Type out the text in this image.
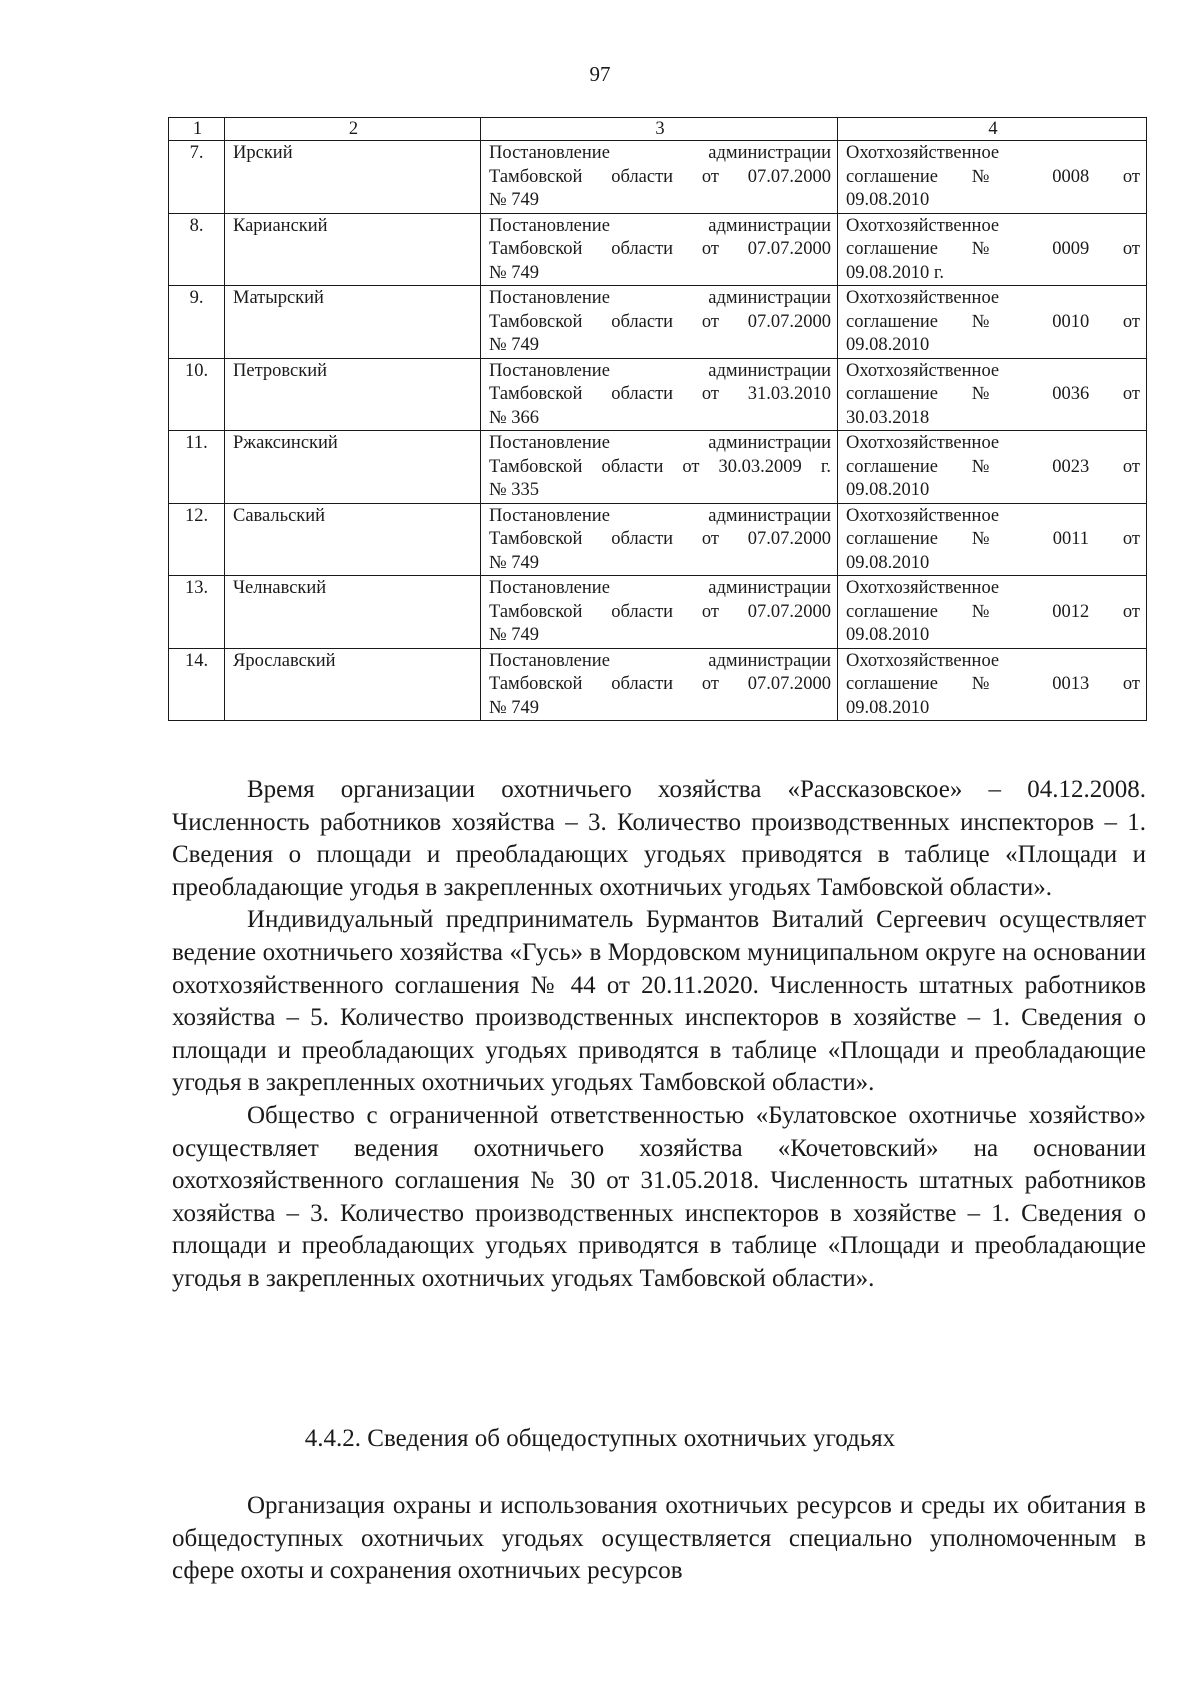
97
1	2	3	4
7.	Ирский	Постановление администрации
Тамбовской области от 07.07.2000
№ 749	Охотхозяйственное
соглашение № 0008 от
09.08.2010

8.	Карианский	Постановление администрации
Тамбовской области от 07.07.2000
№ 749	Охотхозяйственное
соглашение № 0009 от
09.08.2010 г.

9.	Матырский	Постановление администрации
Тамбовской области от 07.07.2000
№ 749	Охотхозяйственное
соглашение № 0010 от
09.08.2010

10.	Петровский	Постановление администрации
Тамбовской области от 31.03.2010
№ 366	Охотхозяйственное
соглашение № 0036 от
30.03.2018

11.	Ржаксинский	Постановление администрации
Тамбовской области от 30.03.2009 г.
№ 335	Охотхозяйственное
соглашение № 0023 от
09.08.2010

12.	Савальский	Постановление администрации
Тамбовской области от 07.07.2000
№ 749	Охотхозяйственное
соглашение № 0011 от
09.08.2010

13.	Челнавский	Постановление администрации
Тамбовской области от 07.07.2000
№ 749	Охотхозяйственное
соглашение № 0012 от
09.08.2010

14.	Ярославский	Постановление администрации
Тамбовской области от 07.07.2000
№ 749	Охотхозяйственное
соглашение № 0013 от
09.08.2010

Время организации охотничьего хозяйства «Рассказовское» – 04.12.2008. Численность работников хозяйства – 3. Количество производственных инспекторов – 1. Сведения о площади и преобладающих угодьях приводятся в таблице «Площади и преобладающие угодья в закрепленных охотничьих угодьях Тамбовской области».

Индивидуальный предприниматель Бурмантов Виталий Сергеевич осуществляет ведение охотничьего хозяйства «Гусь» в Мордовском муниципальном округе на основании охотхозяйственного соглашения № 44 от 20.11.2020. Численность штатных работников хозяйства – 5. Количество производственных инспекторов в хозяйстве – 1. Сведения о площади и преобладающих угодьях приводятся в таблице «Площади и преобладающие угодья в закрепленных охотничьих угодьях Тамбовской области».

Общество с ограниченной ответственностью «Булатовское охотничье хозяйство» осуществляет ведения охотничьего хозяйства «Кочетовский» на основании охотхозяйственного соглашения № 30 от 31.05.2018. Численность штатных работников хозяйства – 3. Количество производственных инспекторов в хозяйстве – 1. Сведения о площади и преобладающих угодьях приводятся в таблице «Площади и преобладающие угодья в закрепленных охотничьих угодьях Тамбовской области».

4.4.2. Сведения об общедоступных охотничьих угодьях

Организация охраны и использования охотничьих ресурсов и среды их обитания в общедоступных охотничьих угодьях осуществляется специально уполномоченным в сфере охоты и сохранения охотничьих ресурсов
